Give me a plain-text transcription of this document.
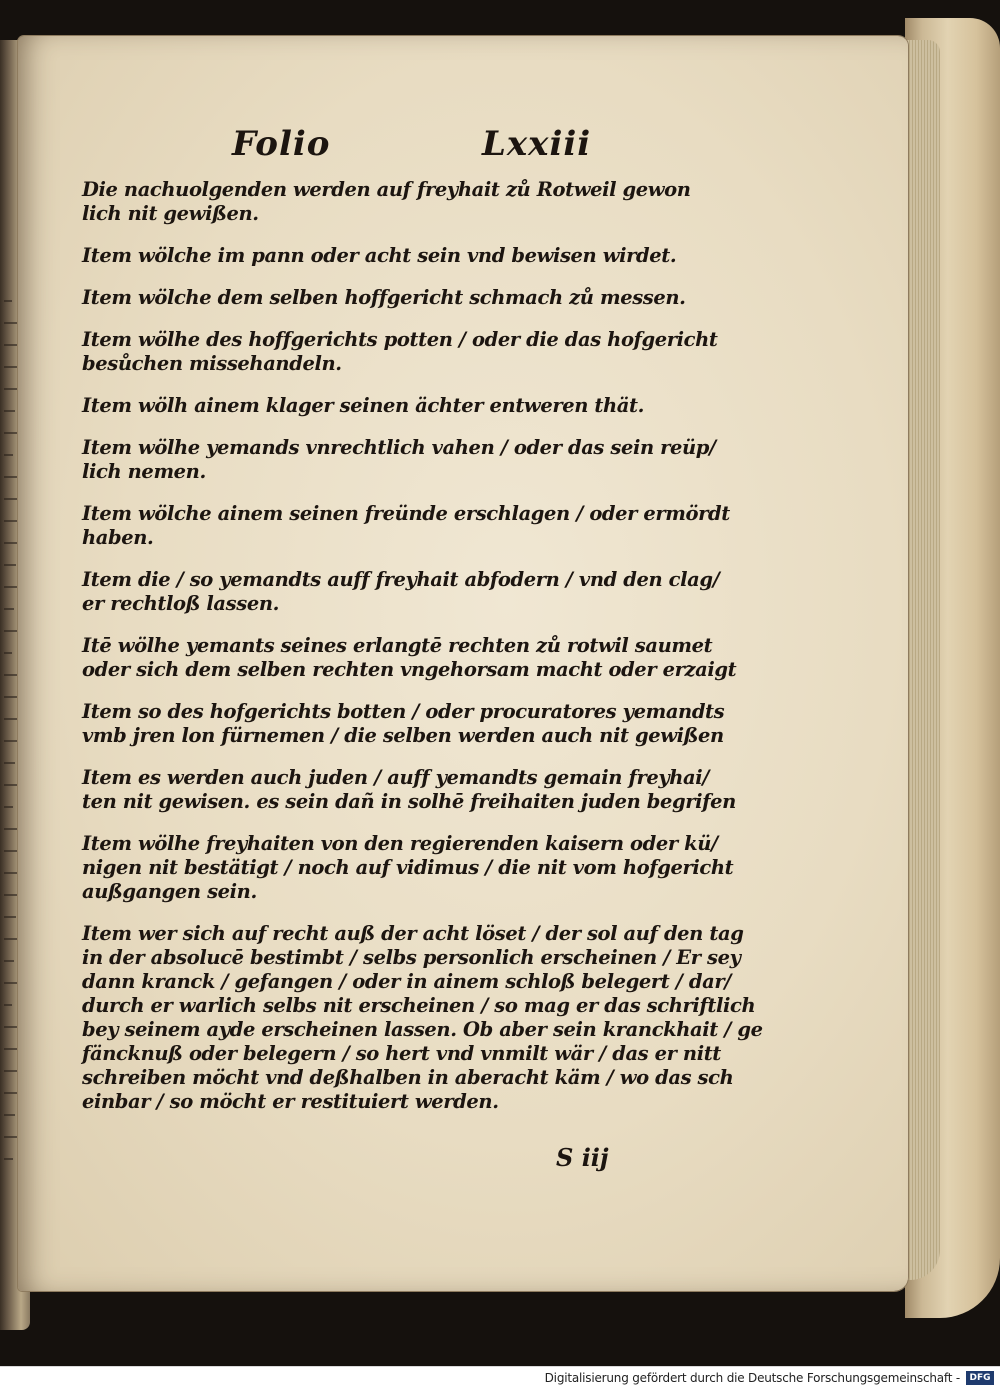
Folio	Lxxiii
Die nachuolgenden werden auf freyhait zů Rotweil gewon
lich nit gewißen.
Item wölche im pann oder acht sein vnd bewisen wirdet.
Item wölche dem selben hoffgericht schmach zů messen.
Item wölhe des hoffgerichts potten / oder die das hofgericht
besůchen missehandeln.
Item wölh ainem klager seinen ächter entweren thät.
Item wölhe yemands vnrechtlich vahen / oder das sein reüp/
lich nemen.
Item wölche ainem seinen freünde erschlagen / oder ermördt
haben.
Item die / so yemandts auff freyhait abfodern / vnd den clag/
er rechtloß lassen.
Itē wölhe yemants seines erlangtē rechten zů rotwil saumet
oder sich dem selben rechten vngehorsam macht oder erzaigt
Item so des hofgerichts botten / oder procuratores yemandts
vmb jren lon fürnemen / die selben werden auch nit gewißen
Item es werden auch juden / auff yemandts gemain freyhai/
ten nit gewisen. es sein dañ in solhē freihaiten juden begrifen
Item wölhe freyhaiten von den regierenden kaisern oder kü/
nigen nit bestätigt / noch auf vidimus / die nit vom hofgericht
außgangen sein.
Item wer sich auf recht auß der acht löset / der sol auf den tag
in der absolucē bestimbt / selbs personlich erscheinen / Er sey
dann kranck / gefangen / oder in ainem schloß belegert / dar/
durch er warlich selbs nit erscheinen / so mag er das schriftlich
bey seinem ayde erscheinen lassen. Ob aber sein kranckhait / ge
fäncknuß oder belegern / so hert vnd vnmilt wär / das er nitt
schreiben möcht vnd deßhalben in aberacht käm / wo das sch
einbar / so möcht er restituiert werden.
S iij
Digitalisierung gefördert durch die Deutsche Forschungsgemeinschaft -	DFG
